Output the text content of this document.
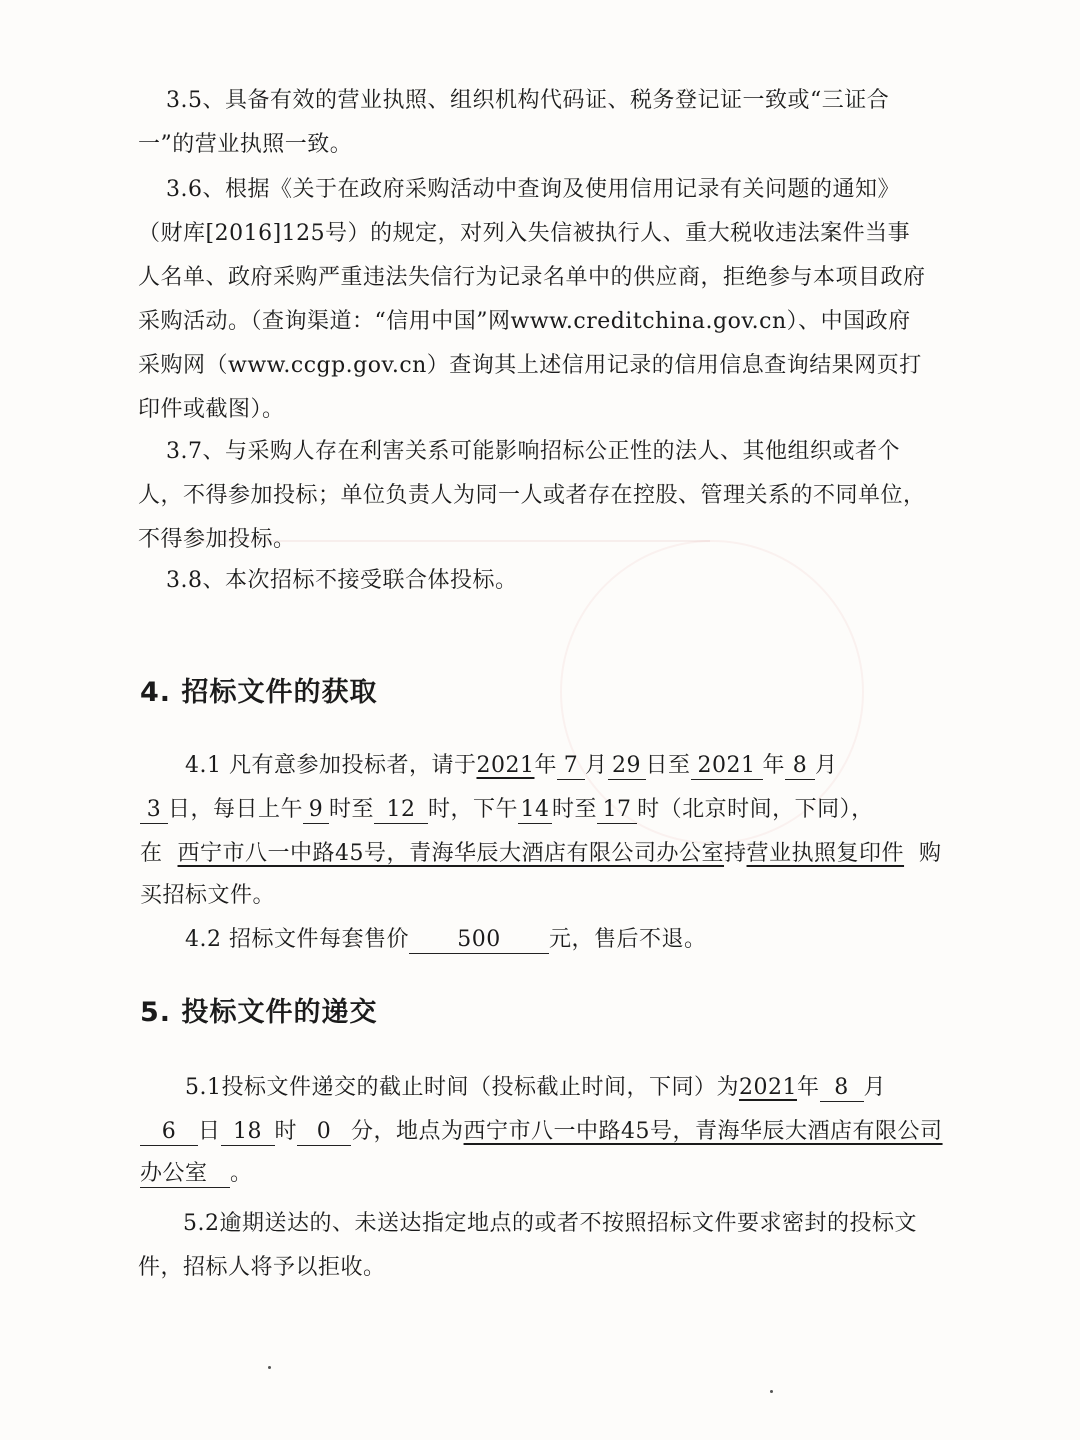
3.5、具备有效的营业执照、组织机构代码证、税务登记证一致或“三证合
一”的营业执照一致。
3.6、根据《关于在政府采购活动中查询及使用信用记录有关问题的通知》（财库[2016]125号）的规定，对列入失信被执行人、重大税收违法案件当事人名单、政府采购严重违法失信行为记录名单中的供应商，拒绝参与本项目政府采购活动。（查询渠道：“信用中国”网www.creditchina.gov.cn）、中国政府采购网（www.ccgp.gov.cn）查询其上述信用记录的信用信息查询结果网页打印件或截图）。
3.7、与采购人存在利害关系可能影响招标公正性的法人、其他组织或者个人，不得参加投标；单位负责人为同一人或者存在控股、管理关系的不同单位，不得参加投标。
3.8、本次招标不接受联合体投标。
4. 招标文件的获取
4.1 凡有意参加投标者，请于2021年 7 月 29 日至 2021 年 8 月
3 日，每日上午 9 时至 12 时，下午 14 时至 17 时（北京时间，下同），
在 西宁市八一中路45号，青海华辰大酒店有限公司办公室持营业执照复印件 购
买招标文件。
4.2 招标文件每套售价 500 元，售后不退。
5. 投标文件的递交
5.1投标文件递交的截止时间（投标截止时间，下同）为2021年 8 月
6 日 18 时 0 分，地点为西宁市八一中路45号，青海华辰大酒店有限公司
办公室 。
5.2逾期送达的、未送达指定地点的或者不按照招标文件要求密封的投标文件，招标人将予以拒收。
